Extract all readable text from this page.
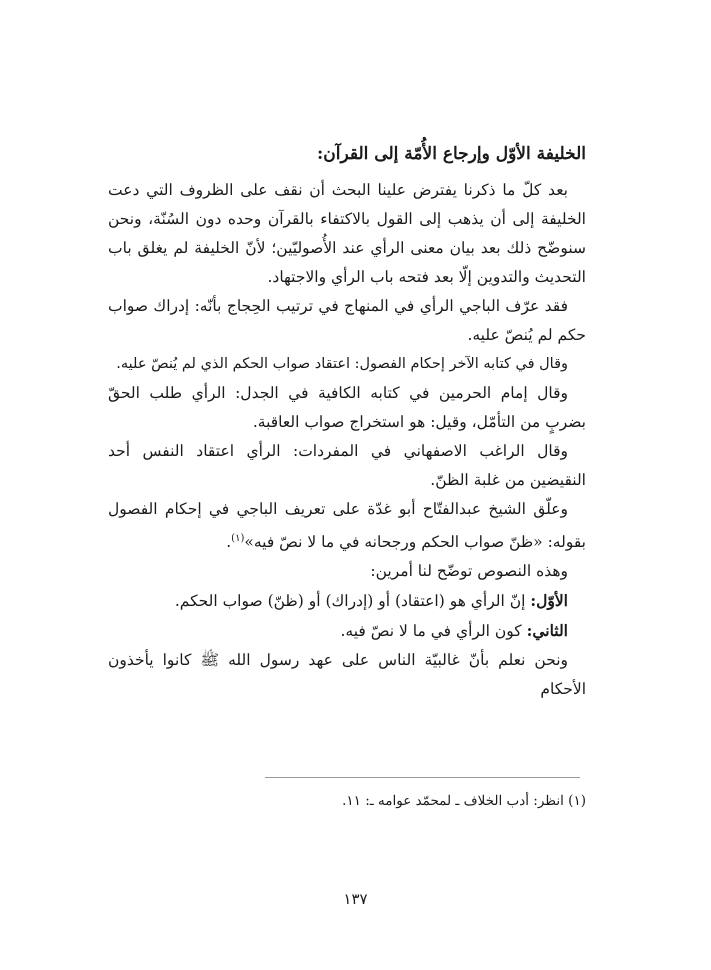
الخليفة الأوّل وإرجاع الأُمّة إلى القرآن:

بعد كلّ ما ذكرنا يفترض علينا البحث أن نقف على الظروف التي دعت الخليفة إلى أن يذهب إلى القول بالاكتفاء بالقرآن وحده دون السُنّة، ونحن سنوضّح ذلك بعد بيان معنى الرأي عند الأُصوليّين؛ لأنّ الخليفة لم يغلق باب التحديث والتدوين إلّا بعد فتحه باب الرأي والاجتهاد.

فقد عرّف الباجي الرأي في المنهاج في ترتيب الحِجاج بأنّه: إدراك صواب حكم لم يُنصّ عليه.

وقال في كتابه الآخر إحكام الفصول: اعتقاد صواب الحكم الذي لم يُنصّ عليه.

وقال إمام الحرمين في كتابه الكافية في الجدل: الرأي طلب الحقّ بضربٍ من التأمّل، وقيل: هو استخراج صواب العاقبة.

وقال الراغب الاصفهاني في المفردات: الرأي اعتقاد النفس أحد النقيضين من غلبة الظنّ.

وعلّق الشيخ عبدالفتّاح أبو غدّة على تعريف الباجي في إحكام الفصول بقوله: «ظنّ صواب الحكم ورجحانه في ما لا نصّ فيه»$^{(١)}$.

وهذه النصوص توضّح لنا أمرين:

الأوّل: إنّ الرأي هو (اعتقاد) أو (إدراك) أو (ظنّ) صواب الحكم.

الثاني: كون الرأي في ما لا نصّ فيه.

ونحن نعلم بأنّ غالبيّة الناس على عهد رسول الله ﷺ كانوا يأخذون الأحكام

(١) انظر: أدب الخلاف ـ لمحمّد عوامه ـ: ١١.
١٣٧
